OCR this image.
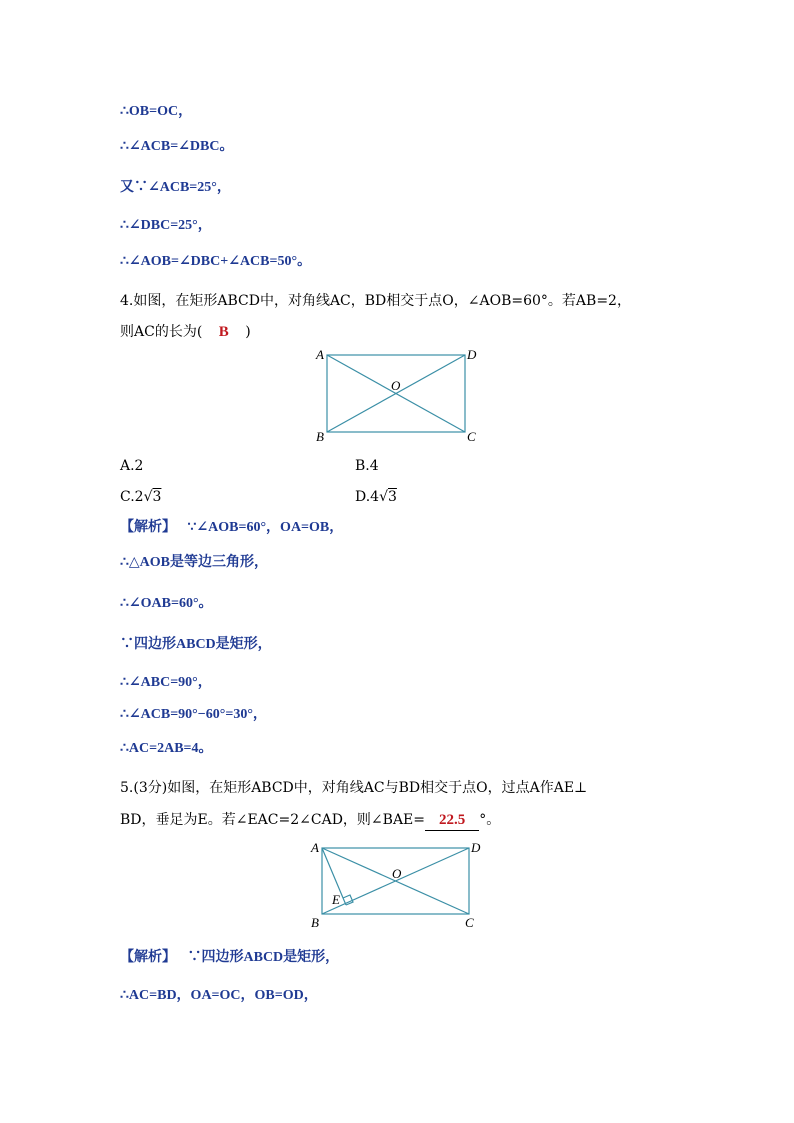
∴OB=OC，
∴∠ACB=∠DBC。
又∵∠ACB=25°，
∴∠DBC=25°，
∴∠AOB=∠DBC+∠ACB=50°。
4.如图，在矩形ABCD中，对角线AC，BD相交于点O，∠AOB=60°。若AB=2，
则AC的长为( B )
A	D
O
B	C
A.2	B.4
C.2√3	D.4√3
【解析】 ∵∠AOB=60°，OA=OB，
∴△AOB是等边三角形，
∴∠OAB=60°。
∵四边形ABCD是矩形，
∴∠ABC=90°，
∴∠ACB=90°−60°=30°，
∴AC=2AB=4。
5.(3分)如图，在矩形ABCD中，对角线AC与BD相交于点O，过点A作AE⊥
BD，垂足为E。若∠EAC=2∠CAD，则∠BAE= 22.5 °。
A	D
O
E
B	C
【解析】 ∵四边形ABCD是矩形，
∴AC=BD，OA=OC，OB=OD，
